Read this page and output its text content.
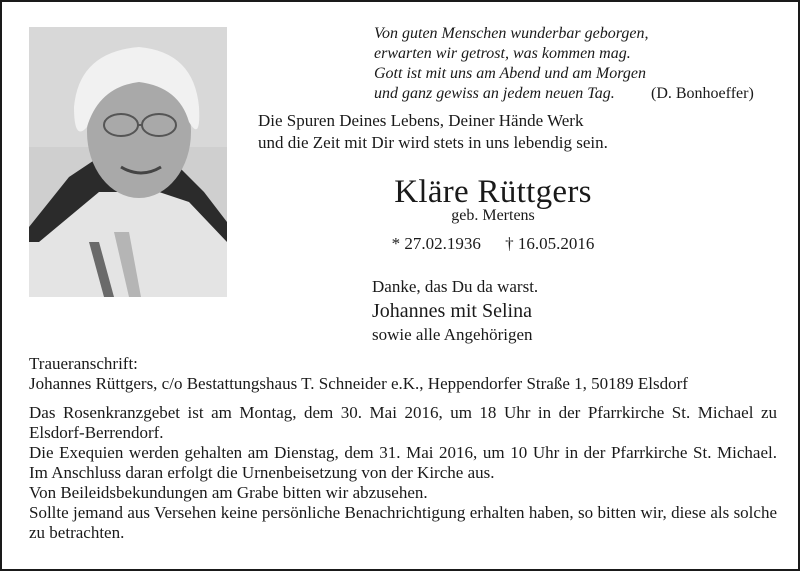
Von guten Menschen wunderbar geborgen,
erwarten wir getrost, was kommen mag.
Gott ist mit uns am Abend und am Morgen
und ganz gewiss an jedem neuen Tag.	(D. Bonhoeffer)
Die Spuren Deines Lebens, Deiner Hände Werk
und die Zeit mit Dir wird stets in uns lebendig sein.
Kläre Rüttgers
geb. Mertens
* 27.02.1936 † 16.05.2016
Danke, das Du da warst.
Johannes mit Selina
sowie alle Angehörigen

Traueranschrift:

Johannes Rüttgers, c/o Bestattungshaus T. Schneider e.K., Heppendorfer Straße 1, 50189 Elsdorf

Das Rosenkranzgebet ist am Montag, dem 30. Mai 2016, um 18 Uhr in der Pfarrkirche St. Michael zu Elsdorf-Berrendorf.

Die Exequien werden gehalten am Dienstag, dem 31. Mai 2016, um 10 Uhr in der Pfarrkirche St. Michael. Im Anschluss daran erfolgt die Urnenbeisetzung von der Kirche aus.

Von Beileidsbekundungen am Grabe bitten wir abzusehen.

Sollte jemand aus Versehen keine persönliche Benachrichtigung erhalten haben, so bitten wir, diese als solche zu betrachten.
